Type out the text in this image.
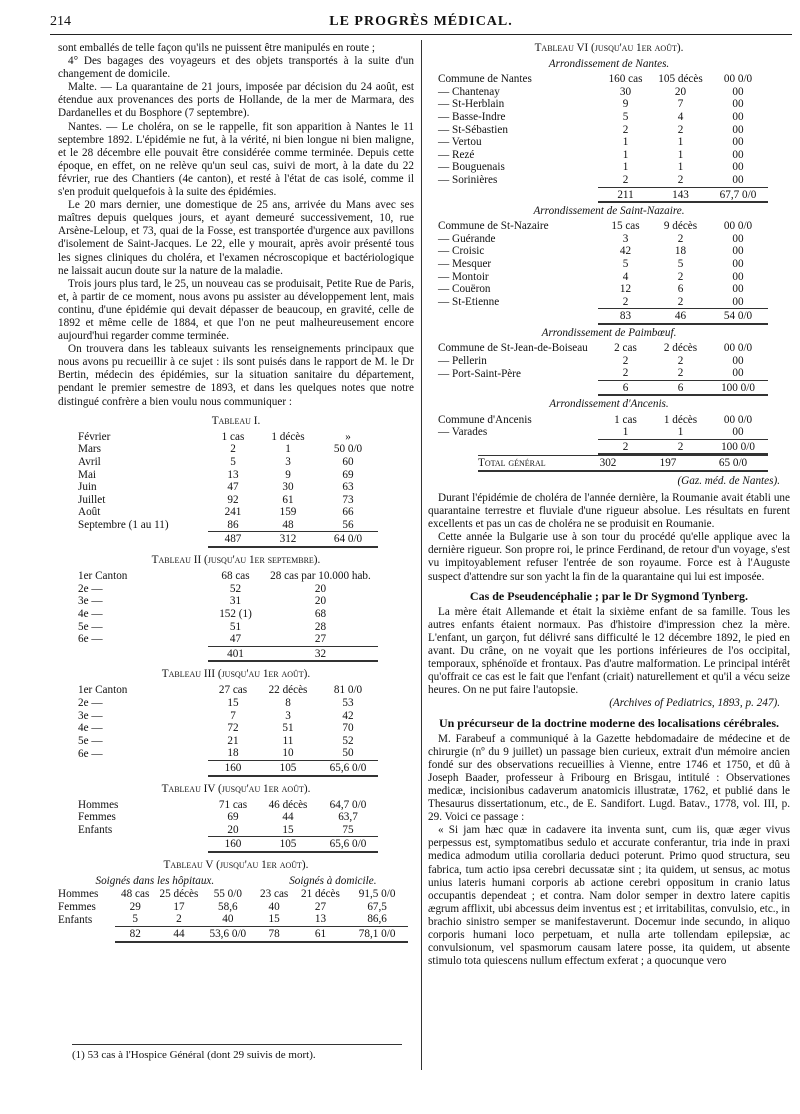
214	LE PROGRÈS MÉDICAL.

sont emballés de telle façon qu'ils ne puissent être manipulés en route ;

4° Des bagages des voyageurs et des objets transportés à la suite d'un changement de domicile.

Malte. — La quarantaine de 21 jours, imposée par décision du 24 août, est étendue aux provenances des ports de Hollande, de la mer de Marmara, des Dardanelles et du Bosphore (7 septembre).

Nantes. — Le choléra, on se le rappelle, fit son apparition à Nantes le 11 septembre 1892. L'épidémie ne fut, à la vérité, ni bien longue ni bien maligne, et le 28 décembre elle pouvait être considérée comme terminée. Depuis cette époque, en effet, on ne relève qu'un seul cas, suivi de mort, à la date du 22 février, rue des Chantiers (4e canton), et resté à l'état de cas isolé, comme il s'en produit quelquefois à la suite des épidémies.

Le 20 mars dernier, une domestique de 25 ans, arrivée du Mans avec ses maîtres depuis quelques jours, et ayant demeuré successivement, 10, rue Arsène-Leloup, et 73, quai de la Fosse, est transportée d'urgence aux pavillons d'isolement de Saint-Jacques. Le 22, elle y mourait, après avoir présenté tous les signes cliniques du choléra, et l'examen nécroscopique et bactériologique ne laissait aucun doute sur la nature de la maladie.

Trois jours plus tard, le 25, un nouveau cas se produisait, Petite Rue de Paris, et, à partir de ce moment, nous avons pu assister au développement lent, mais continu, d'une épidémie qui devait dépasser de beaucoup, en gravité, celle de 1892 et même celle de 1884, et que l'on ne peut malheureusement encore aujourd'hui regarder comme terminée.

On trouvera dans les tableaux suivants les renseignements principaux que nous avons pu recueillir à ce sujet : ils sont puisés dans le rapport de M. le Dr Bertin, médecin des épidémies, sur la situation sanitaire du département, pendant le premier semestre de 1893, et dans les quelques notes que notre distingué confrère a bien voulu nous communiquer :

Tableau I.
Février	1 cas	1 décès	»
Mars	2	1	50 0/0
Avril	5	3	60
Mai	13	9	69
Juin	47	30	63
Juillet	92	61	73
Août	241	159	66
Septembre (1 au 11)	86	48	56
	487	312	64 0/0
Tableau II (jusqu'au 1er septembre).
1er Canton	68 cas	28 cas par 10.000 hab.
2e —	52	20
3e —	31	20
4e —	152 (1)	68
5e —	51	28
6e —	47	27
	401	32
Tableau III (jusqu'au 1er août).
1er Canton	27 cas	22 décès	81 0/0
2e —	15	8	53
3e —	7	3	42
4e —	72	51	70
5e —	21	11	52
6e —	18	10	50
	160	105	65,6 0/0
Tableau IV (jusqu'au 1er août).
Hommes	71 cas	46 décès	64,7 0/0
Femmes	69	44	63,7
Enfants	20	15	75
	160	105	65,6 0/0
Tableau V (jusqu'au 1er août).
Soignés dans les hôpitaux.	Soignés à domicile.
Hommes	48 cas	25 décès	55 0/0	23 cas	21 décès	91,5 0/0
Femmes	29	17	58,6	40	27	67,5
Enfants	5	2	40	15	13	86,6
	82	44	53,6 0/0	78	61	78,1 0/0
(1) 53 cas à l'Hospice Général (dont 29 suivis de mort).
Tableau VI (jusqu'au 1er août).
Arrondissement de Nantes.
Commune de Nantes	160 cas	105 décès	00 0/0
— Chantenay	30	20	00
— St-Herblain	9	7	00
— Basse-Indre	5	4	00
— St-Sébastien	2	2	00
— Vertou	1	1	00
— Rezé	1	1	00
— Bouguenais	1	1	00
— Sorinières	2	2	00
	211	143	67,7 0/0
Arrondissement de Saint-Nazaire.
Commune de St-Nazaire	15 cas	9 décès	00 0/0
— Guérande	3	2	00
— Croisic	42	18	00
— Mesquer	5	5	00
— Montoir	4	2	00
— Couëron	12	6	00
— St-Etienne	2	2	00
	83	46	54 0/0
Arrondissement de Paimbœuf.
Commune de St-Jean-de-Boiseau	2 cas	2 décès	00 0/0
— Pellerin	2	2	00
— Port-Saint-Père	2	2	00
	6	6	100 0/0
Arrondissement d'Ancenis.
Commune d'Ancenis	1 cas	1 décès	00 0/0
— Varades	1	1	00
	2	2	100 0/0
Total général	302	197	65 0/0
(Gaz. méd. de Nantes).

Durant l'épidémie de choléra de l'année dernière, la Roumanie avait établi une quarantaine terrestre et fluviale d'une rigueur absolue. Les résultats en furent excellents et pas un cas de choléra ne se produisit en Roumanie.

Cette année la Bulgarie use à son tour du procédé qu'elle applique avec la dernière rigueur. Son propre roi, le prince Ferdinand, de retour d'un voyage, s'est vu impitoyablement refuser l'entrée de son royaume. Force est à l'Auguste suspect d'attendre sur son yacht la fin de la quarantaine qui lui est imposée.

Cas de Pseudencéphalie ; par le Dr Sygmond Tynberg.

La mère était Allemande et était la sixième enfant de sa famille. Tous les autres enfants étaient normaux. Pas d'histoire d'impression chez la mère. L'enfant, un garçon, fut délivré sans difficulté le 12 décembre 1892, le pied en avant. Du crâne, on ne voyait que les portions inférieures de l'os occipital, temporaux, sphénoïde et frontaux. Pas d'autre malformation. Le principal intérêt qu'offrait ce cas est le fait que l'enfant (criait) naturellement et qu'il a vécu seize heures. On ne put faire l'autopsie.

(Archives of Pediatrics, 1893, p. 247).
Un précurseur de la doctrine moderne des localisations cérébrales.

M. Farabeuf a communiqué à la Gazette hebdomadaire de médecine et de chirurgie (nº du 9 juillet) un passage bien curieux, extrait d'un mémoire ancien fondé sur des observations recueillies à Vienne, entre 1746 et 1750, et dû à Joseph Baader, professeur à Fribourg en Brisgau, intitulé : Observationes medicæ, incisionibus cadaverum anatomicis illustratæ, 1762, et publié dans le Thesaurus dissertationum, etc., de E. Sandifort. Lugd. Batav., 1778, vol. III, p. 29. Voici ce passage :

« Si jam hæc quæ in cadavere ita inventa sunt, cum iis, quæ æger vivus perpessus est, symptomatibus sedulo et accurate conferantur, tria inde in praxi medica admodum utilia corollaria deduci poterunt. Primo quod structura, seu fabrica, tum actio ipsa cerebri decussatæ sint ; ita quidem, ut sensus, ac motus unius lateris humani corporis ab actione cerebri oppositum in cranio latus occupantis dependeat ; et contra. Nam dolor semper in dextro latere capitis ægrum afflixit, ubi abcessus deim inventus est ; et irritabilitas, convulsio, etc., in brachio sinistro semper se manifestaverunt. Docemur inde secundo, in aliquo corporis humani loco perpetuam, et nulla arte tollendam epilepsiæ, ac convulsionum, vel spasmorum causam latere posse, ita quidem, ut absente stimulo tota quiescens nullum effectum exferat ; a quocunque vero
